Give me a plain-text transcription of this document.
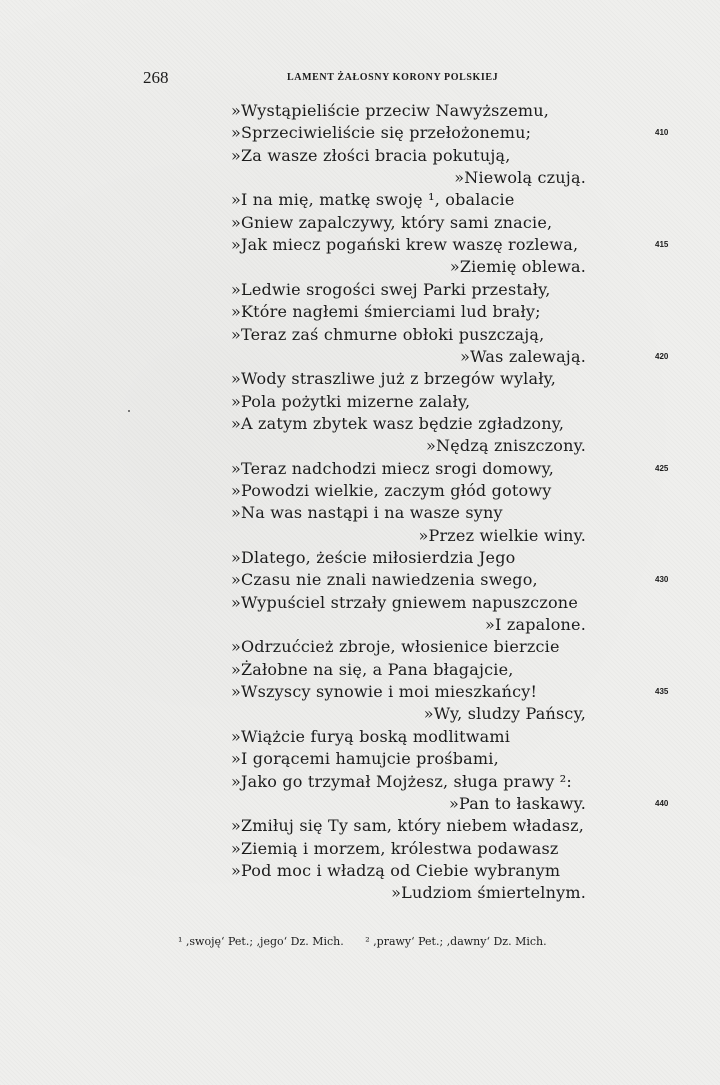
268	LAMENT ŻAŁOSNY KORONY POLSKIEJ
»Wystąpieliście przeciw Nawyższemu,
»Sprzeciwieliście się przełożonemu;	410
»Za wasze złości bracia pokutują,
»Niewolą czują.
»I na mię, matkę swoję ¹, obalacie
»Gniew zapalczywy, który sami znacie,
»Jak miecz pogański krew waszę rozlewa,	415
»Ziemię oblewa.
»Ledwie srogości swej Parki przestały,
»Które nagłemi śmierciami lud brały;
»Teraz zaś chmurne obłoki puszczają,
»Was zalewają.	420
»Wody straszliwe już z brzegów wylały,
»Pola pożytki mizerne zalały,
»A zatym zbytek wasz będzie zgładzony,
»Nędzą zniszczony.
»Teraz nadchodzi miecz srogi domowy,	425
»Powodzi wielkie, zaczym głód gotowy
»Na was nastąpi i na wasze syny
»Przez wielkie winy.
»Dlatego, żeście miłosierdzia Jego
»Czasu nie znali nawiedzenia swego,	430
»Wypuściel strzały gniewem napuszczone
»I zapalone.
»Odrzućcież zbroje, włosienice bierzcie
»Żałobne na się, a Pana błagajcie,
»Wszyscy synowie i moi mieszkańcy!	435
»Wy, sludzy Pańscy,
»Wiążcie furyą boską modlitwami
»I gorącemi hamujcie prośbami,
»Jako go trzymał Mojżesz, sługa prawy ²:
»Pan to łaskawy.	440
»Zmiłuj się Ty sam, który niebem władasz,
»Ziemią i morzem, królestwa podawasz
»Pod moc i władzą od Ciebie wybranym
»Ludziom śmiertelnym.
¹ ‚swoję‘ Pet.; ‚jego‘ Dz. Mich. ² ‚prawy‘ Pet.; ‚dawny‘ Dz. Mich.
